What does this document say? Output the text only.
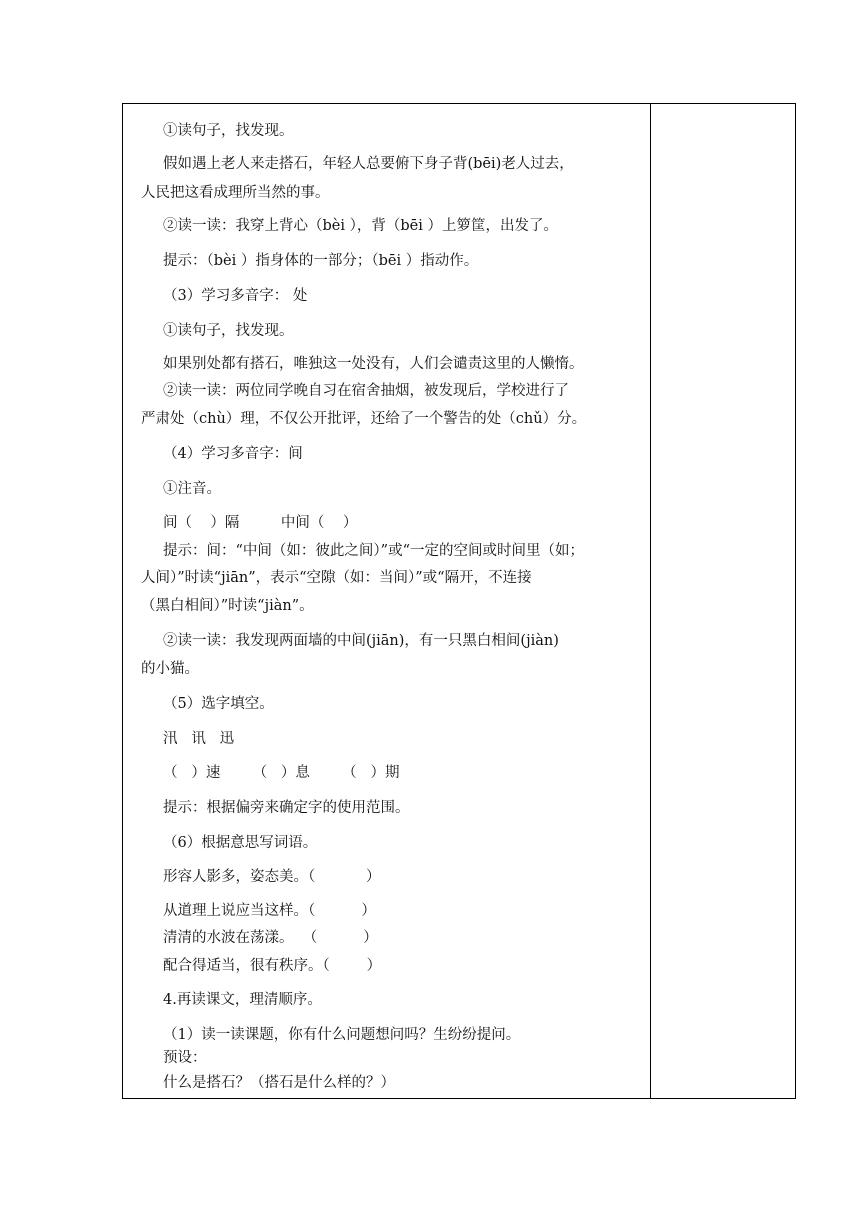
①读句子，找发现。
假如遇上老人来走搭石，年轻人总要俯下身子背(bēi)老人过去，
人民把这看成理所当然的事。
②读一读：我穿上背心（bèi ），背（bēi ）上箩筐，出发了。
提示：（bèi ）指身体的一部分；（bēi ）指动作。
（3）学习多音字： 处
①读句子，找发现。
如果别处都有搭石，唯独这一处没有，人们会谴责这里的人懒惰。
②读一读：两位同学晚自习在宿舍抽烟，被发现后，学校进行了
严肃处（chù）理，不仅公开批评，还给了一个警告的处（chǔ）分。
（4）学习多音字：间
①注音。
间（    ）隔         中间（    ）
提示：间：“中间（如：彼此之间）”或“一定的空间或时间里（如；
人间）”时读“jiān”，表示“空隙（如：当间）”或“隔开，不连接
（黑白相间）”时读“jiàn”。
②读一读：我发现两面墙的中间(jiān)，有一只黑白相间(jiàn)
的小猫。
（5）选字填空。
汛   讯   迅
（   ）速       （   ）息       （   ）期
提示：根据偏旁来确定字的使用范围。
（6）根据意思写词语。
形容人影多，姿态美。（           ）
从道理上说应当这样。（          ）
清清的水波在荡漾。  （          ）
配合得适当，很有秩序。（        ）
4.再读课文，理清顺序。
（1）读一读课题，你有什么问题想问吗？生纷纷提问。
预设：
什么是搭石？（搭石是什么样的？）
